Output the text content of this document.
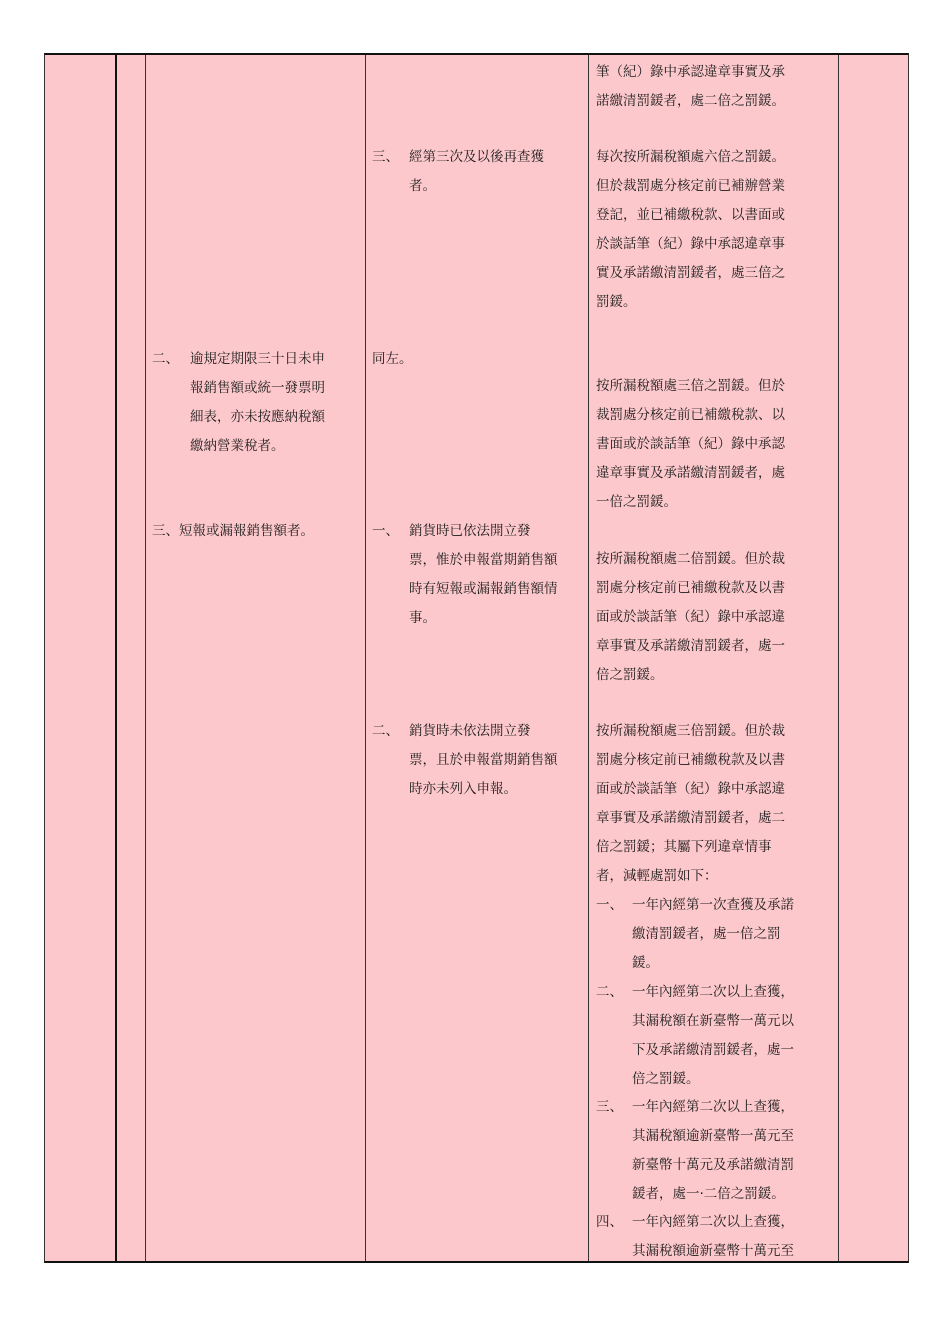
二、 逾規定期限三十日未申
報銷售額或統一發票明
細表，亦未按應納稅額
繳納營業稅者。
三、短報或漏報銷售額者。
三、 經第三次及以後再查獲
者。
同左。
一、 銷貨時已依法開立發
票，惟於申報當期銷售額
時有短報或漏報銷售額情
事。
二、 銷貨時未依法開立發
票，且於申報當期銷售額
時亦未列入申報。
筆（紀）錄中承認違章事實及承
諾繳清罰鍰者，處二倍之罰鍰。
每次按所漏稅額處六倍之罰鍰。
但於裁罰處分核定前已補辦營業
登記，並已補繳稅款、以書面或
於談話筆（紀）錄中承認違章事
實及承諾繳清罰鍰者，處三倍之
罰鍰。
按所漏稅額處三倍之罰鍰。但於
裁罰處分核定前已補繳稅款、以
書面或於談話筆（紀）錄中承認
違章事實及承諾繳清罰鍰者，處
一倍之罰鍰。
按所漏稅額處二倍罰鍰。但於裁
罰處分核定前已補繳稅款及以書
面或於談話筆（紀）錄中承認違
章事實及承諾繳清罰鍰者，處一
倍之罰鍰。
按所漏稅額處三倍罰鍰。但於裁
罰處分核定前已補繳稅款及以書
面或於談話筆（紀）錄中承認違
章事實及承諾繳清罰鍰者，處二
倍之罰鍰；其屬下列違章情事
者，減輕處罰如下：
一、 一年內經第一次查獲及承諾
繳清罰鍰者，處一倍之罰
鍰。
二、 一年內經第二次以上查獲，
其漏稅額在新臺幣一萬元以
下及承諾繳清罰鍰者，處一
倍之罰鍰。
三、 一年內經第二次以上查獲，
其漏稅額逾新臺幣一萬元至
新臺幣十萬元及承諾繳清罰
鍰者，處一‧二倍之罰鍰。
四、 一年內經第二次以上查獲，
其漏稅額逾新臺幣十萬元至
